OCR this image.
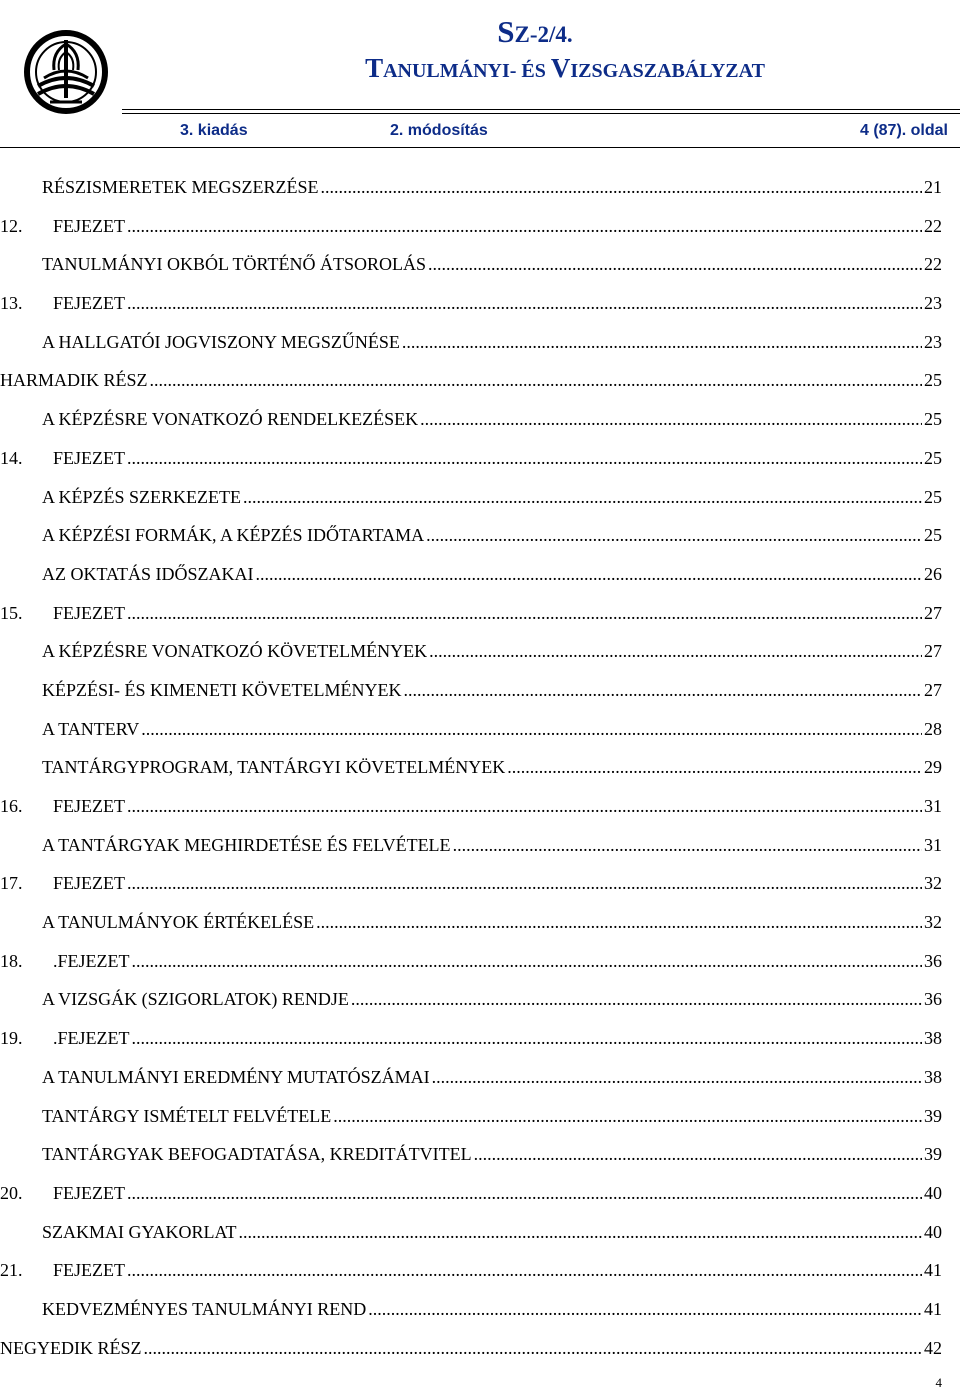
SZ-2/4.
TANULMÁNYI- ÉS VIZSGASZABÁLYZAT
3. kiadás	2. módosítás	4 (87). oldal
RÉSZISMERETEK MEGSZERZÉSE .....	21
12.	FEJEZET .....	22
TANULMÁNYI OKBÓL TÖRTÉNŐ ÁTSOROLÁS .....	22
13.	FEJEZET .....	23
A HALLGATÓI JOGVISZONY MEGSZŰNÉSE .....	23
HARMADIK RÉSZ .....	25
A KÉPZÉSRE VONATKOZÓ RENDELKEZÉSEK .....	25
14.	FEJEZET .....	25
A KÉPZÉS SZERKEZETE .....	25
A KÉPZÉSI FORMÁK, A KÉPZÉS IDŐTARTAMA .....	25
AZ OKTATÁS IDŐSZAKAI .....	26
15.	FEJEZET .....	27
A KÉPZÉSRE VONATKOZÓ KÖVETELMÉNYEK .....	27
KÉPZÉSI- ÉS KIMENETI KÖVETELMÉNYEK .....	27
A TANTERV .....	28
TANTÁRGYPROGRAM, TANTÁRGYI KÖVETELMÉNYEK .....	29
16.	FEJEZET .....	31
A TANTÁRGYAK MEGHIRDETÉSE ÉS FELVÉTELE .....	31
17.	FEJEZET .....	32
A TANULMÁNYOK ÉRTÉKELÉSE .....	32
18.	.FEJEZET .....	36
A VIZSGÁK (SZIGORLATOK) RENDJE .....	36
19.	.FEJEZET .....	38
A TANULMÁNYI EREDMÉNY MUTATÓSZÁMAI .....	38
TANTÁRGY ISMÉTELT FELVÉTELE .....	39
TANTÁRGYAK BEFOGADTATÁSA, KREDITÁTVITEL .....	39
20.	FEJEZET .....	40
SZAKMAI GYAKORLAT .....	40
21.	FEJEZET .....	41
KEDVEZMÉNYES TANULMÁNYI REND .....	41
NEGYEDIK RÉSZ .....	42
4
